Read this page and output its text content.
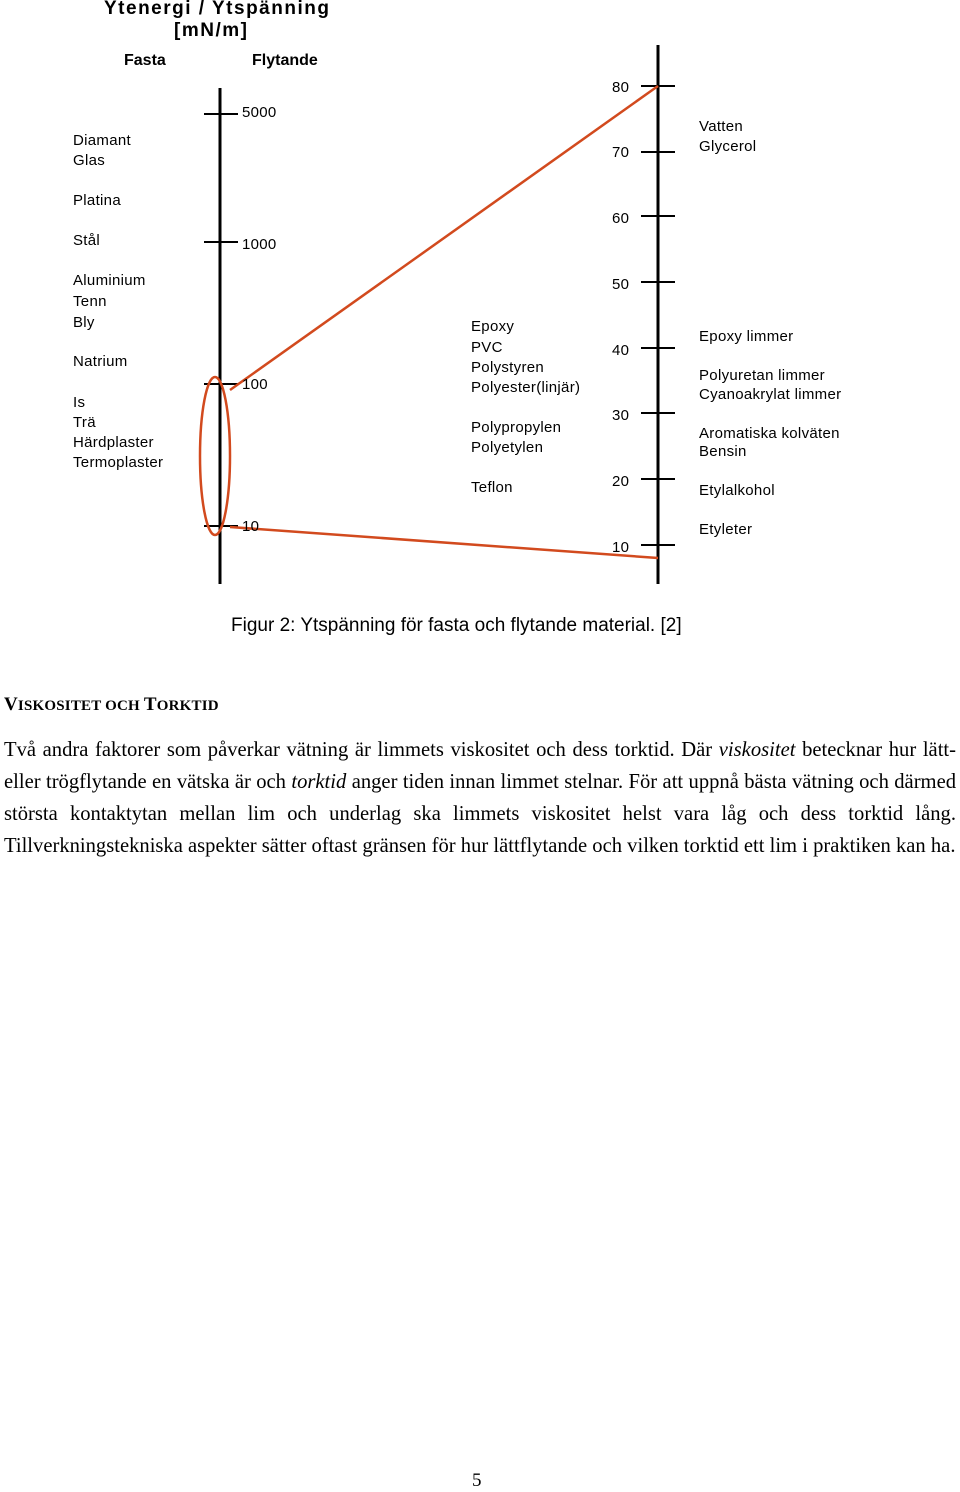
Ytenergi / Ytspänning
[mN/m]
Fasta	Flytande
5000
1000
100
10
80
70
60
50
40
30
20
10
Diamant
Glas
Platina
Stål
Aluminium
Tenn
Bly
Natrium
Is
Trä
Härdplaster
Termoplaster
Epoxy
PVC
Polystyren
Polyester(linjär)
Polypropylen
Polyetylen
Teflon
Vatten
Glycerol
Epoxy limmer
Polyuretan limmer
Cyanoakrylat limmer
Aromatiska kolväten
Bensin
Etylalkohol
Etyleter
Figur 2: Ytspänning för fasta och flytande material. [2]
VISKOSITET OCH TORKTID

Två andra faktorer som påverkar vätning är limmets viskositet och dess torktid. Där viskositet betecknar hur lätt- eller trögflytande en vätska är och torktid anger tiden innan limmet stelnar. För att uppnå bästa vätning och därmed största kontaktytan mellan lim och underlag ska limmets viskositet helst vara låg och dess torktid lång. Tillverkningstekniska aspekter sätter oftast gränsen för hur lättflytande och vilken torktid ett lim i praktiken kan ha.

5
